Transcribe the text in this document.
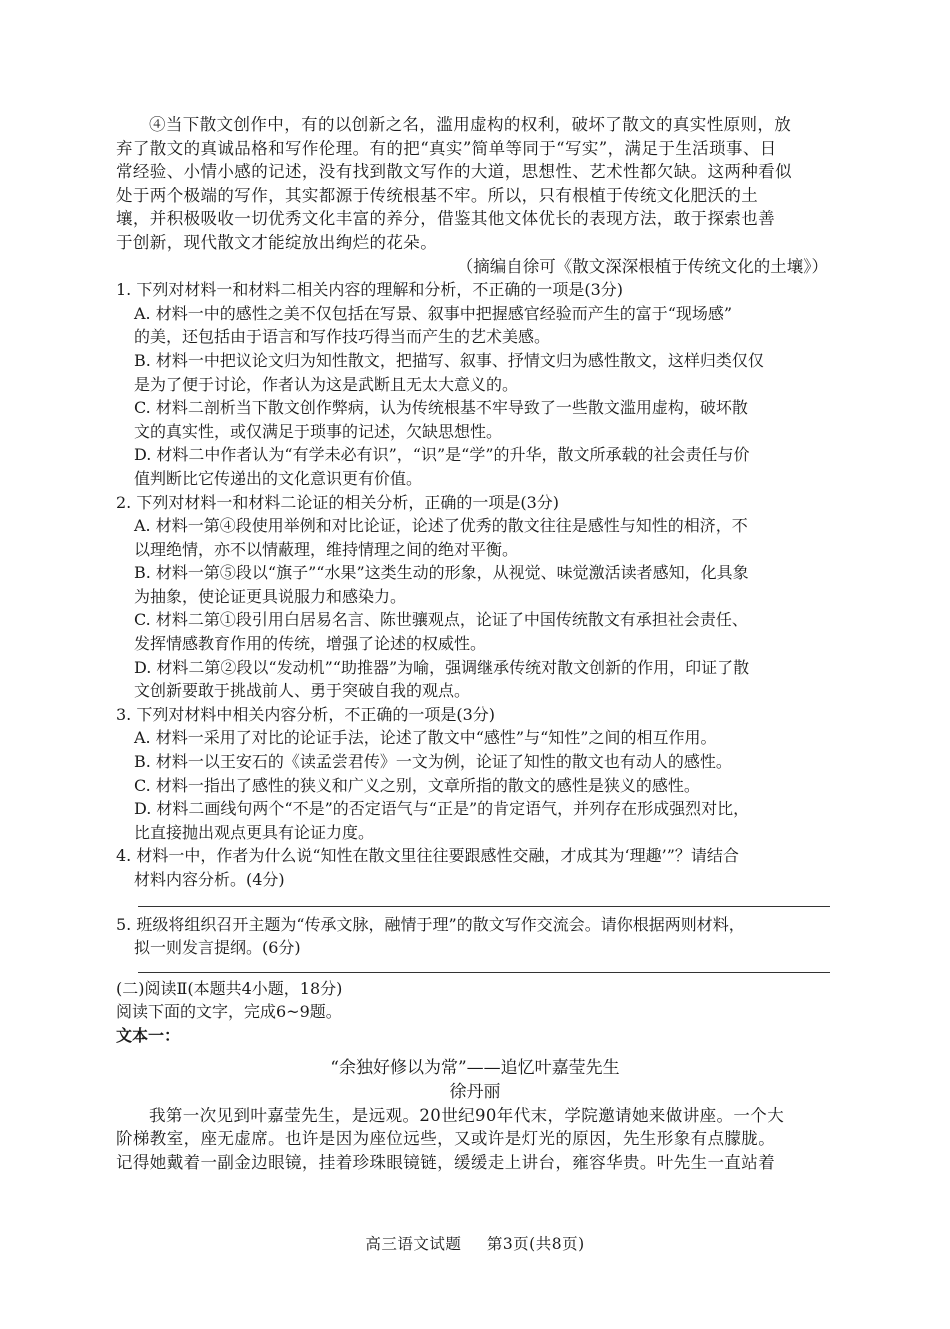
④当下散文创作中，有的以创新之名，滥用虚构的权利，破坏了散文的真实性原则，放
弃了散文的真诚品格和写作伦理。有的把“真实”简单等同于“写实”，满足于生活琐事、日
常经验、小情小感的记述，没有找到散文写作的大道，思想性、艺术性都欠缺。这两种看似
处于两个极端的写作，其实都源于传统根基不牢。所以，只有根植于传统文化肥沃的土
壤，并积极吸收一切优秀文化丰富的养分，借鉴其他文体优长的表现方法，敢于探索也善
于创新，现代散文才能绽放出绚烂的花朵。
（摘编自徐可《散文深深根植于传统文化的土壤》）
1. 下列对材料一和材料二相关内容的理解和分析，不正确的一项是(3分)
A. 材料一中的感性之美不仅包括在写景、叙事中把握感官经验而产生的富于“现场感”
的美，还包括由于语言和写作技巧得当而产生的艺术美感。
B. 材料一中把议论文归为知性散文，把描写、叙事、抒情文归为感性散文，这样归类仅仅
是为了便于讨论，作者认为这是武断且无太大意义的。
C. 材料二剖析当下散文创作弊病，认为传统根基不牢导致了一些散文滥用虚构，破坏散
文的真实性，或仅满足于琐事的记述，欠缺思想性。
D. 材料二中作者认为“有学未必有识”，“识”是“学”的升华，散文所承载的社会责任与价
值判断比它传递出的文化意识更有价值。
2. 下列对材料一和材料二论证的相关分析，正确的一项是(3分)
A. 材料一第④段使用举例和对比论证，论述了优秀的散文往往是感性与知性的相济，不
以理绝情，亦不以情蔽理，维持情理之间的绝对平衡。
B. 材料一第⑤段以“旗子”“水果”这类生动的形象，从视觉、味觉激活读者感知，化具象
为抽象，使论证更具说服力和感染力。
C. 材料二第①段引用白居易名言、陈世骧观点，论证了中国传统散文有承担社会责任、
发挥情感教育作用的传统，增强了论述的权威性。
D. 材料二第②段以“发动机”“助推器”为喻，强调继承传统对散文创新的作用，印证了散
文创新要敢于挑战前人、勇于突破自我的观点。
3. 下列对材料中相关内容分析，不正确的一项是(3分)
A. 材料一采用了对比的论证手法，论述了散文中“感性”与“知性”之间的相互作用。
B. 材料一以王安石的《读孟尝君传》一文为例，论证了知性的散文也有动人的感性。
C. 材料一指出了感性的狭义和广义之别，文章所指的散文的感性是狭义的感性。
D. 材料二画线句两个“不是”的否定语气与“正是”的肯定语气，并列存在形成强烈对比，
比直接抛出观点更具有论证力度。
4. 材料一中，作者为什么说“知性在散文里往往要跟感性交融，才成其为‘理趣’”？请结合
材料内容分析。(4分)
5. 班级将组织召开主题为“传承文脉，融情于理”的散文写作交流会。请你根据两则材料，
拟一则发言提纲。(6分)
(二)阅读Ⅱ(本题共4小题，18分)
阅读下面的文字，完成6~9题。
文本一：
“余独好修以为常”——追忆叶嘉莹先生
徐丹丽
我第一次见到叶嘉莹先生，是远观。20世纪90年代末，学院邀请她来做讲座。一个大
阶梯教室，座无虚席。也许是因为座位远些，又或许是灯光的原因，先生形象有点朦胧。
记得她戴着一副金边眼镜，挂着珍珠眼镜链，缓缓走上讲台，雍容华贵。叶先生一直站着
高三语文试题 第3页(共8页)
